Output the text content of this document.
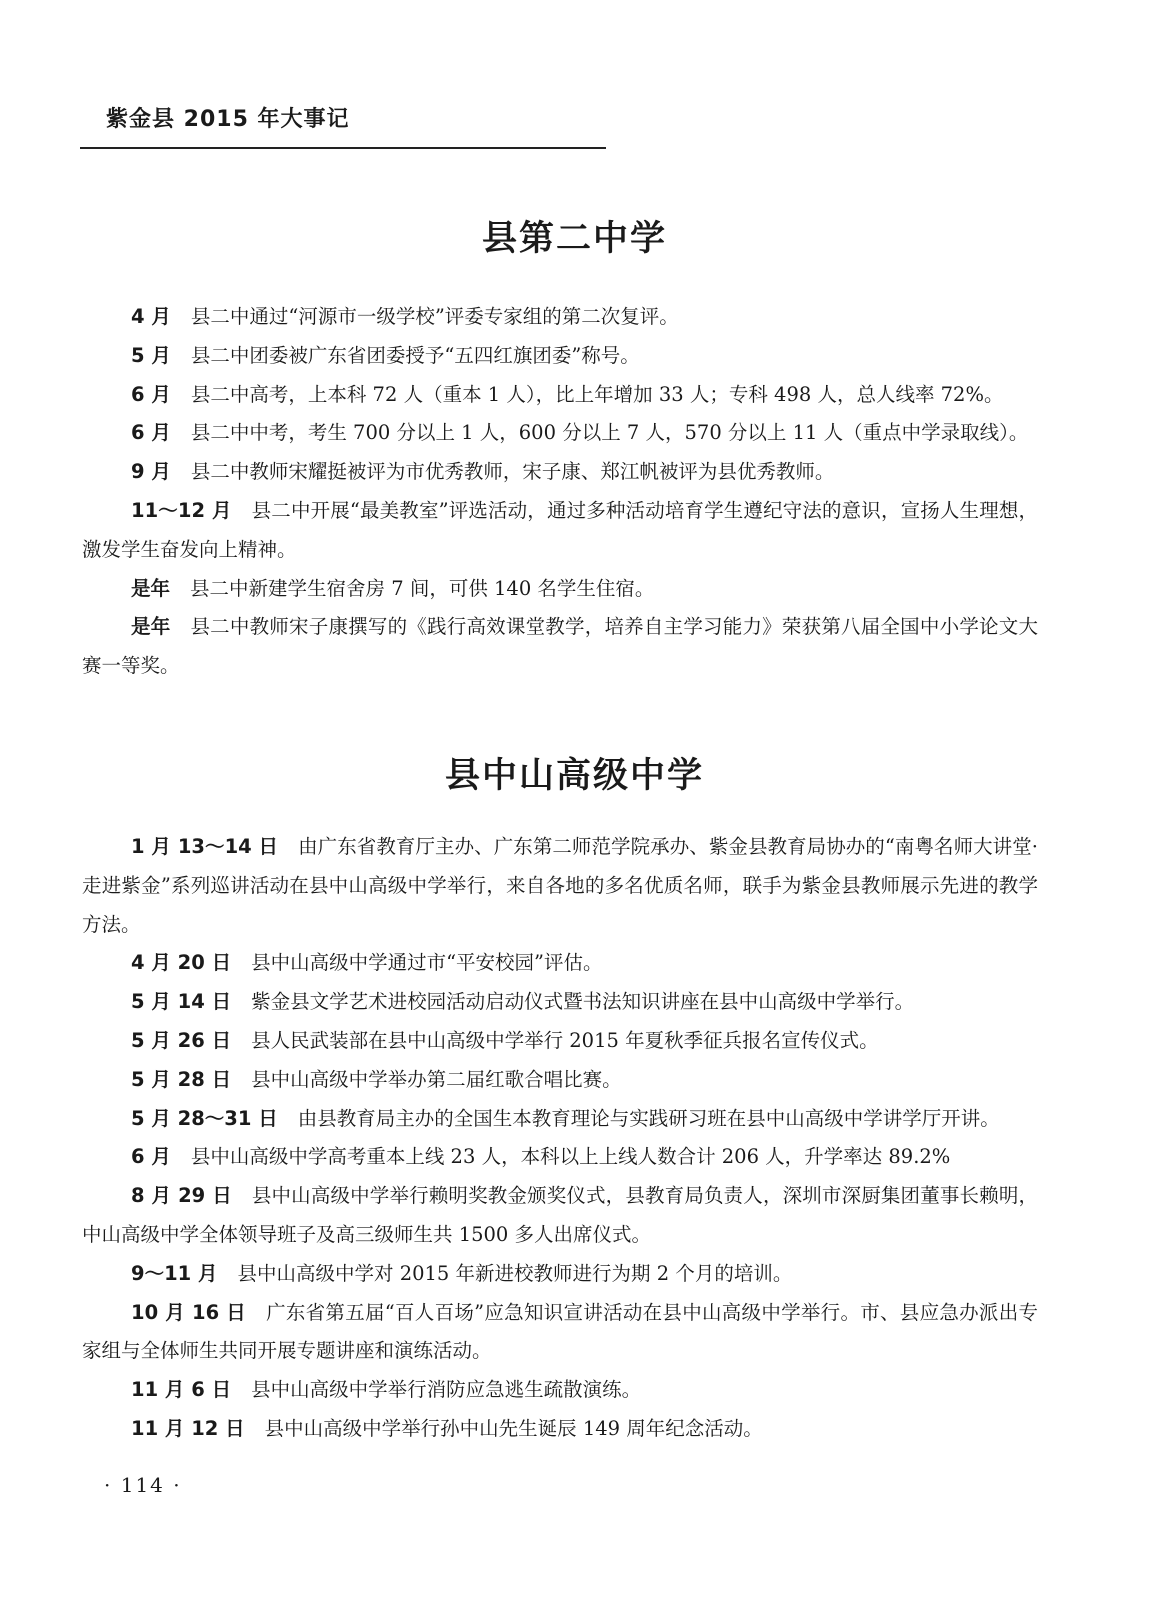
紫金县 2015 年大事记
县第二中学

4 月 县二中通过“河源市一级学校”评委专家组的第二次复评。

5 月 县二中团委被广东省团委授予“五四红旗团委”称号。

6 月 县二中高考，上本科 72 人（重本 1 人），比上年增加 33 人；专科 498 人，总人线率 72%。

6 月 县二中中考，考生 700 分以上 1 人，600 分以上 7 人，570 分以上 11 人（重点中学录取线）。

9 月 县二中教师宋耀挺被评为市优秀教师，宋子康、郑江帆被评为县优秀教师。

11～12 月 县二中开展“最美教室”评选活动，通过多种活动培育学生遵纪守法的意识，宣扬人生理想，激发学生奋发向上精神。

是年 县二中新建学生宿舍房 7 间，可供 140 名学生住宿。

是年 县二中教师宋子康撰写的《践行高效课堂教学，培养自主学习能力》荣获第八届全国中小学论文大赛一等奖。

县中山高级中学

1 月 13～14 日 由广东省教育厅主办、广东第二师范学院承办、紫金县教育局协办的“南粤名师大讲堂·走进紫金”系列巡讲活动在县中山高级中学举行，来自各地的多名优质名师，联手为紫金县教师展示先进的教学方法。

4 月 20 日 县中山高级中学通过市“平安校园”评估。

5 月 14 日 紫金县文学艺术进校园活动启动仪式暨书法知识讲座在县中山高级中学举行。

5 月 26 日 县人民武装部在县中山高级中学举行 2015 年夏秋季征兵报名宣传仪式。

5 月 28 日 县中山高级中学举办第二届红歌合唱比赛。

5 月 28～31 日 由县教育局主办的全国生本教育理论与实践研习班在县中山高级中学讲学厅开讲。

6 月 县中山高级中学高考重本上线 23 人，本科以上上线人数合计 206 人，升学率达 89.2%

8 月 29 日 县中山高级中学举行赖明奖教金颁奖仪式，县教育局负责人，深圳市深厨集团董事长赖明，中山高级中学全体领导班子及高三级师生共 1500 多人出席仪式。

9～11 月 县中山高级中学对 2015 年新进校教师进行为期 2 个月的培训。

10 月 16 日 广东省第五届“百人百场”应急知识宣讲活动在县中山高级中学举行。市、县应急办派出专家组与全体师生共同开展专题讲座和演练活动。

11 月 6 日 县中山高级中学举行消防应急逃生疏散演练。

11 月 12 日 县中山高级中学举行孙中山先生诞辰 149 周年纪念活动。

· 114 ·
